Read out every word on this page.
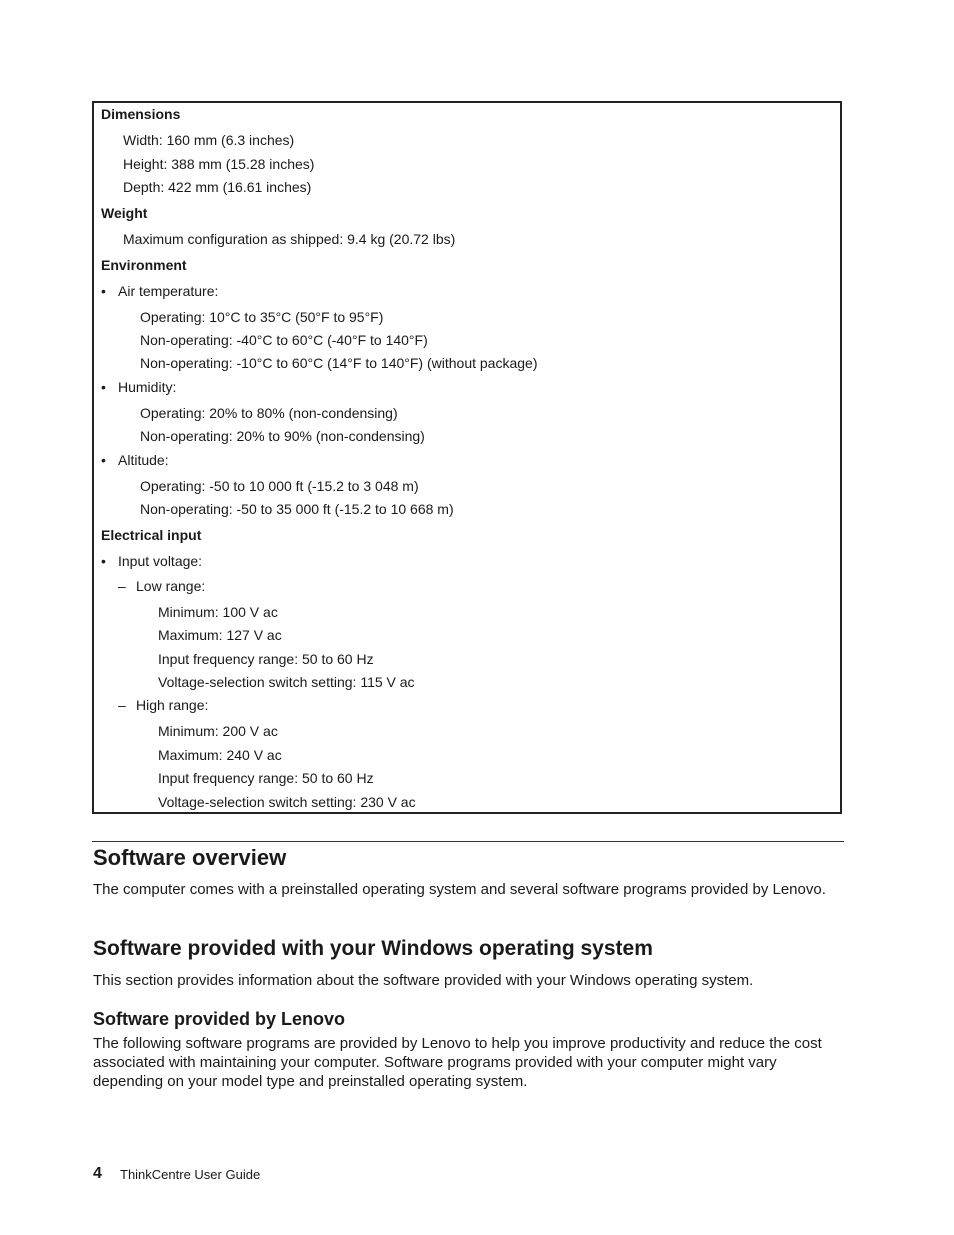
Dimensions
Width: 160 mm (6.3 inches)
Height: 388 mm (15.28 inches)
Depth: 422 mm (16.61 inches)
Weight
Maximum configuration as shipped: 9.4 kg (20.72 lbs)
Environment
• Air temperature:
Operating: 10°C to 35°C (50°F to 95°F)
Non-operating: -40°C to 60°C (-40°F to 140°F)
Non-operating: -10°C to 60°C (14°F to 140°F) (without package)
• Humidity:
Operating: 20% to 80% (non-condensing)
Non-operating: 20% to 90% (non-condensing)
• Altitude:
Operating: -50 to 10 000 ft (-15.2 to 3 048 m)
Non-operating: -50 to 35 000 ft (-15.2 to 10 668 m)
Electrical input
• Input voltage:
– Low range:
Minimum: 100 V ac
Maximum: 127 V ac
Input frequency range: 50 to 60 Hz
Voltage-selection switch setting: 115 V ac
– High range:
Minimum: 200 V ac
Maximum: 240 V ac
Input frequency range: 50 to 60 Hz
Voltage-selection switch setting: 230 V ac
Software overview
The computer comes with a preinstalled operating system and several software programs provided by Lenovo.
Software provided with your Windows operating system
This section provides information about the software provided with your Windows operating system.
Software provided by Lenovo
The following software programs are provided by Lenovo to help you improve productivity and reduce the cost associated with maintaining your computer. Software programs provided with your computer might vary depending on your model type and preinstalled operating system.
4 ThinkCentre User Guide
